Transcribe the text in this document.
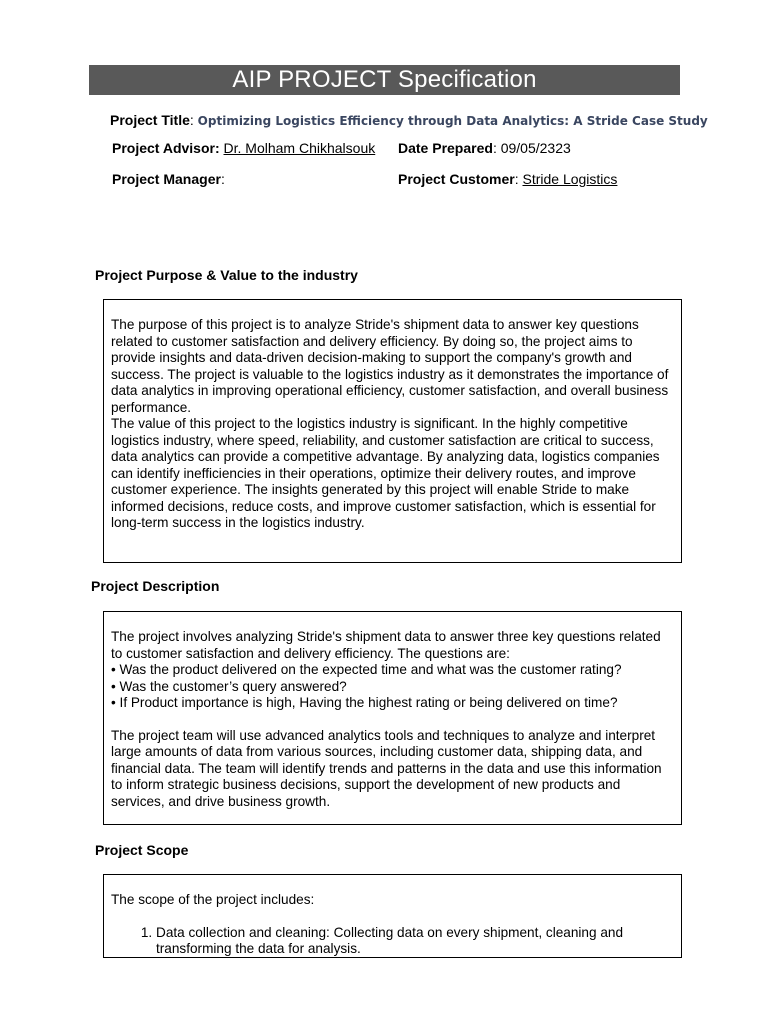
AIP PROJECT Specification
Project Title: Optimizing Logistics Efficiency through Data Analytics: A Stride Case Study
Project Advisor: Dr. Molham Chikhalsouk Date Prepared: 09/05/2323
Project Manager:	Project Customer: Stride Logistics
Project Purpose & Value to the industry

The purpose of this project is to analyze Stride's shipment data to answer key questions related to customer satisfaction and delivery efficiency. By doing so, the project aims to provide insights and data-driven decision-making to support the company's growth and success. The project is valuable to the logistics industry as it demonstrates the importance of data analytics in improving operational efficiency, customer satisfaction, and overall business performance.

The value of this project to the logistics industry is significant. In the highly competitive logistics industry, where speed, reliability, and customer satisfaction are critical to success, data analytics can provide a competitive advantage. By analyzing data, logistics companies can identify inefficiencies in their operations, optimize their delivery routes, and improve customer experience. The insights generated by this project will enable Stride to make informed decisions, reduce costs, and improve customer satisfaction, which is essential for long-term success in the logistics industry.

Project Description

The project involves analyzing Stride's shipment data to answer three key questions related to customer satisfaction and delivery efficiency. The questions are:

• Was the product delivered on the expected time and what was the customer rating?

• Was the customer’s query answered?

• If Product importance is high, Having the highest rating or being delivered on time?

The project team will use advanced analytics tools and techniques to analyze and interpret large amounts of data from various sources, including customer data, shipping data, and financial data. The team will identify trends and patterns in the data and use this information to inform strategic business decisions, support the development of new products and services, and drive business growth.

Project Scope

The scope of the project includes:

1. Data collection and cleaning: Collecting data on every shipment, cleaning and transforming the data for analysis.
